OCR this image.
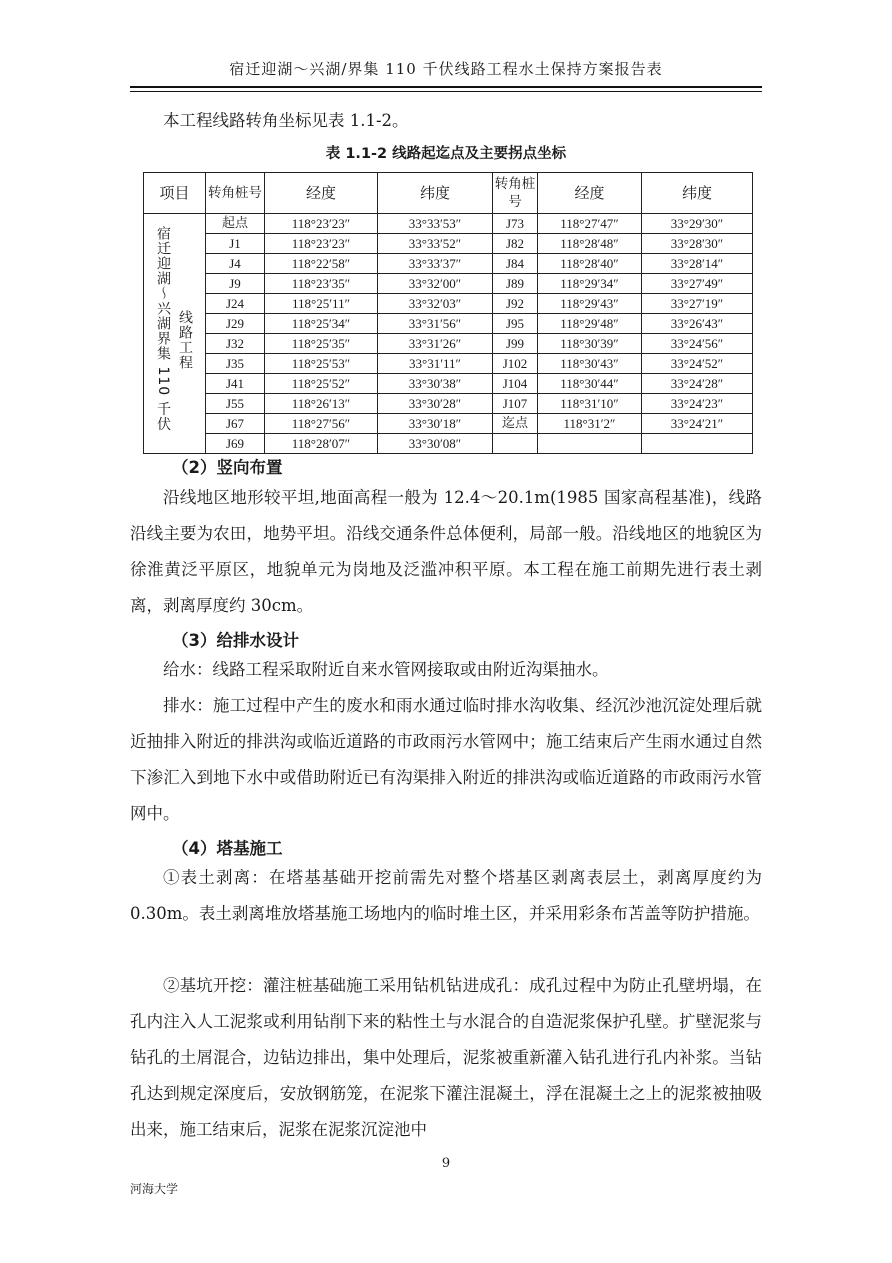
宿迁迎湖～兴湖/界集 110 千伏线路工程水土保持方案报告表
本工程线路转角坐标见表 1.1-2。
表 1.1-2 线路起迄点及主要拐点坐标
项目	转角桩号	经度	纬度	转角桩号	经度	纬度

宿迁迎湖～兴湖界集 110 千伏 线路工程	起点	118°23′23″	33°33′53″	J73	118°27′47″	33°29′30″
	J1	118°23′23″	33°33′52″	J82	118°28′48″	33°28′30″
	J4	118°22′58″	33°33′37″	J84	118°28′40″	33°28′14″
	J9	118°23′35″	33°32′00″	J89	118°29′34″	33°27′49″
	J24	118°25′11″	33°32′03″	J92	118°29′43″	33°27′19″
	J29	118°25′34″	33°31′56″	J95	118°29′48″	33°26′43″
	J32	118°25′35″	33°31′26″	J99	118°30′39″	33°24′56″
	J35	118°25′53″	33°31′11″	J102	118°30′43″	33°24′52″
	J41	118°25′52″	33°30′38″	J104	118°30′44″	33°24′28″
	J55	118°26′13″	33°30′28″	J107	118°31′10″	33°24′23″
	J67	118°27′56″	33°30′18″	迄点	118°31′2″	33°24′21″
	J69	118°28′07″	33°30′08″			
（2）竖向布置
沿线地区地形较平坦,地面高程一般为 12.4～20.1m(1985 国家高程基准)，线路沿线主要为农田，地势平坦。沿线交通条件总体便利，局部一般。沿线地区的地貌区为徐淮黄泛平原区，地貌单元为岗地及泛滥冲积平原。本工程在施工前期先进行表土剥离，剥离厚度约 30cm。
（3）给排水设计
给水：线路工程采取附近自来水管网接取或由附近沟渠抽水。
排水：施工过程中产生的废水和雨水通过临时排水沟收集、经沉沙池沉淀处理后就近抽排入附近的排洪沟或临近道路的市政雨污水管网中；施工结束后产生雨水通过自然下渗汇入到地下水中或借助附近已有沟渠排入附近的排洪沟或临近道路的市政雨污水管网中。
（4）塔基施工
①表土剥离：在塔基基础开挖前需先对整个塔基区剥离表层土，剥离厚度约为 0.30m。表土剥离堆放塔基施工场地内的临时堆土区，并采用彩条布苫盖等防护措施。
②基坑开挖：灌注桩基础施工采用钻机钻进成孔：成孔过程中为防止孔壁坍塌，在孔内注入人工泥浆或利用钻削下来的粘性土与水混合的自造泥浆保护孔壁。扩壁泥浆与钻孔的土屑混合，边钻边排出，集中处理后，泥浆被重新灌入钻孔进行孔内补浆。当钻孔达到规定深度后，安放钢筋笼，在泥浆下灌注混凝土，浮在混凝土之上的泥浆被抽吸出来，施工结束后，泥浆在泥浆沉淀池中
9
河海大学
